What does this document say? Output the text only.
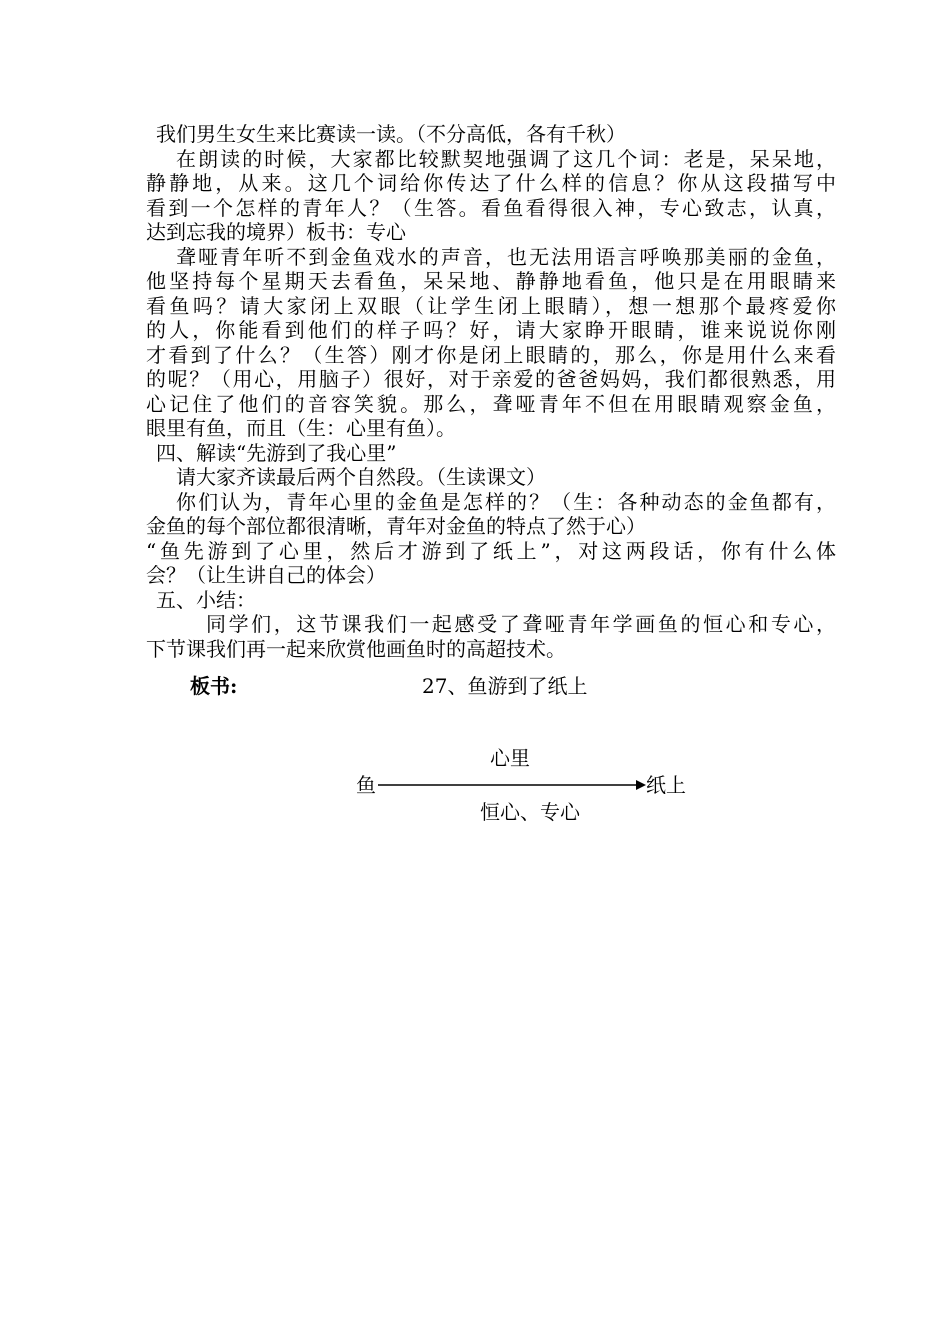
我们男生女生来比赛读一读。（不分高低，各有千秋）
在朗读的时候，大家都比较默契地强调了这几个词：老是，呆呆地，
静静地，从来。这几个词给你传达了什么样的信息？你从这段描写中
看到一个怎样的青年人？（生答。看鱼看得很入神，专心致志，认真，
达到忘我的境界）板书：专心
聋哑青年听不到金鱼戏水的声音，也无法用语言呼唤那美丽的金鱼，
他坚持每个星期天去看鱼，呆呆地、静静地看鱼，他只是在用眼睛来
看鱼吗？请大家闭上双眼（让学生闭上眼睛），想一想那个最疼爱你
的人，你能看到他们的样子吗？好，请大家睁开眼睛，谁来说说你刚
才看到了什么？（生答）刚才你是闭上眼睛的，那么，你是用什么来看
的呢？（用心，用脑子）很好，对于亲爱的爸爸妈妈，我们都很熟悉，用
心记住了他们的音容笑貌。那么，聋哑青年不但在用眼睛观察金鱼，
眼里有鱼，而且（生：心里有鱼）。
四、解读“先游到了我心里”
请大家齐读最后两个自然段。（生读课文）
你们认为，青年心里的金鱼是怎样的？（生：各种动态的金鱼都有，
金鱼的每个部位都很清晰，青年对金鱼的特点了然于心）
“鱼先游到了心里，然后才游到了纸上”，对这两段话，你有什么体
会？（让生讲自己的体会）
五、小结：
同学们，这节课我们一起感受了聋哑青年学画鱼的恒心和专心，
下节课我们再一起来欣赏他画鱼时的高超技术。
板书:	27、鱼游到了纸上
心里
鱼	纸上
恒心、专心
